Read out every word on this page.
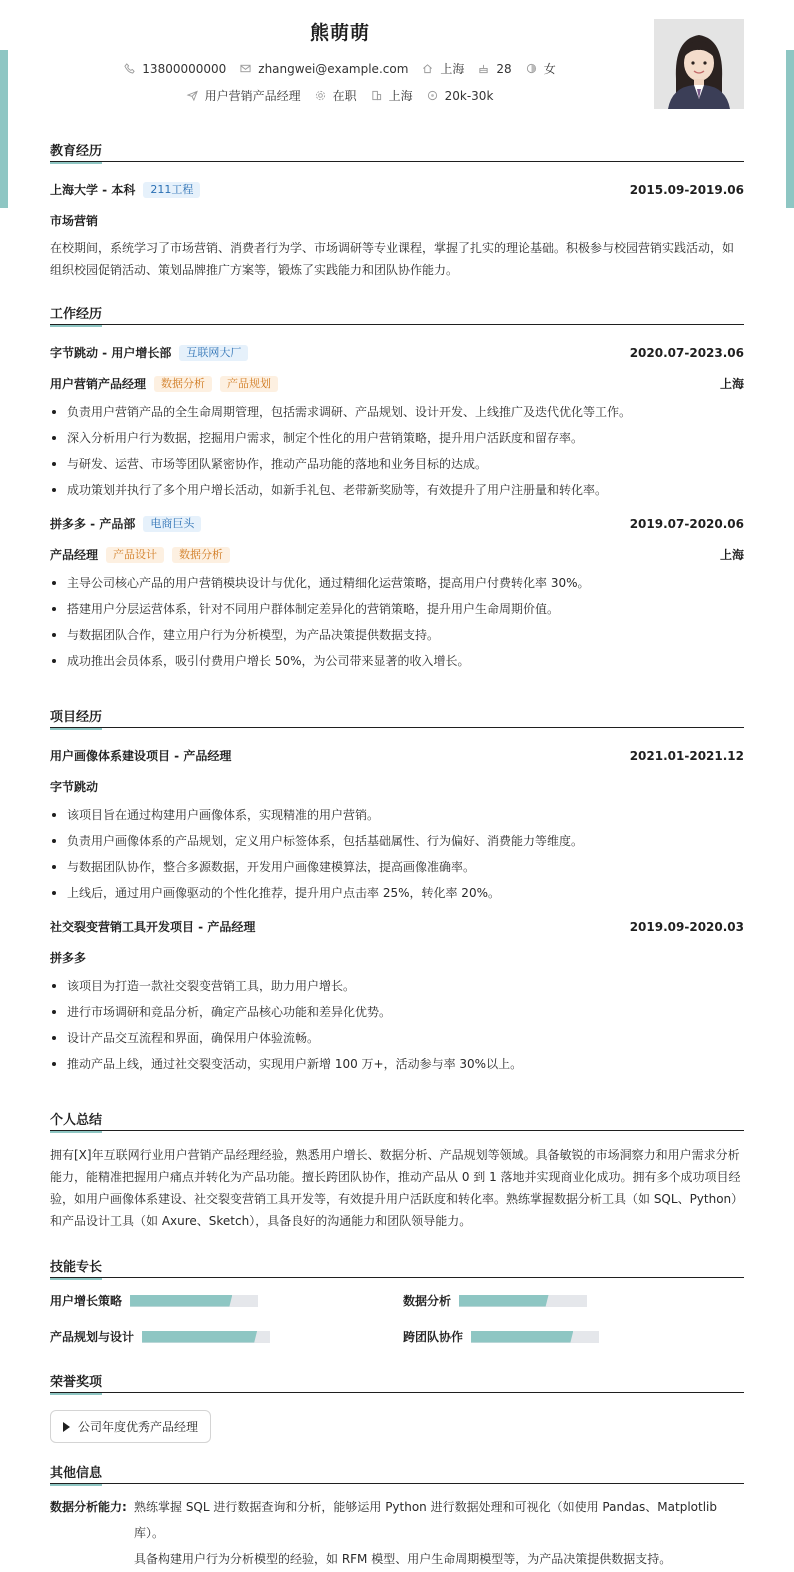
熊萌萌
13800000000	zhangwei@example.com	上海	28	女
用户营销产品经理	在职	上海	20k-30k
教育经历
上海大学 - 本科	211工程	2015.09-2019.06
市场营销
在校期间，系统学习了市场营销、消费者行为学、市场调研等专业课程，掌握了扎实的理论基础。积极参与校园营销实践活动，如组织校园促销活动、策划品牌推广方案等，锻炼了实践能力和团队协作能力。
工作经历
字节跳动 - 用户增长部	互联网大厂	2020.07-2023.06
用户营销产品经理	数据分析	产品规划	上海
负责用户营销产品的全生命周期管理，包括需求调研、产品规划、设计开发、上线推广及迭代优化等工作。
深入分析用户行为数据，挖掘用户需求，制定个性化的用户营销策略，提升用户活跃度和留存率。
与研发、运营、市场等团队紧密协作，推动产品功能的落地和业务目标的达成。
成功策划并执行了多个用户增长活动，如新手礼包、老带新奖励等，有效提升了用户注册量和转化率。
拼多多 - 产品部	电商巨头	2019.07-2020.06
产品经理	产品设计	数据分析	上海
主导公司核心产品的用户营销模块设计与优化，通过精细化运营策略，提高用户付费转化率 30%。
搭建用户分层运营体系，针对不同用户群体制定差异化的营销策略，提升用户生命周期价值。
与数据团队合作，建立用户行为分析模型，为产品决策提供数据支持。
成功推出会员体系，吸引付费用户增长 50%，为公司带来显著的收入增长。
项目经历
用户画像体系建设项目 - 产品经理	2021.01-2021.12
字节跳动
该项目旨在通过构建用户画像体系，实现精准的用户营销。
负责用户画像体系的产品规划，定义用户标签体系，包括基础属性、行为偏好、消费能力等维度。
与数据团队协作，整合多源数据，开发用户画像建模算法，提高画像准确率。
上线后，通过用户画像驱动的个性化推荐，提升用户点击率 25%，转化率 20%。
社交裂变营销工具开发项目 - 产品经理	2019.09-2020.03
拼多多
该项目为打造一款社交裂变营销工具，助力用户增长。
进行市场调研和竞品分析，确定产品核心功能和差异化优势。
设计产品交互流程和界面，确保用户体验流畅。
推动产品上线，通过社交裂变活动，实现用户新增 100 万+，活动参与率 30%以上。
个人总结
拥有[X]年互联网行业用户营销产品经理经验，熟悉用户增长、数据分析、产品规划等领域。具备敏锐的市场洞察力和用户需求分析能力，能精准把握用户痛点并转化为产品功能。擅长跨团队协作，推动产品从 0 到 1 落地并实现商业化成功。拥有多个成功项目经验，如用户画像体系建设、社交裂变营销工具开发等，有效提升用户活跃度和转化率。熟练掌握数据分析工具（如 SQL、Python）和产品设计工具（如 Axure、Sketch），具备良好的沟通能力和团队领导能力。
技能专长
用户增长策略	数据分析
产品规划与设计	跨团队协作
荣誉奖项
公司年度优秀产品经理
其他信息
数据分析能力: 熟练掌握 SQL 进行数据查询和分析，能够运用 Python 进行数据处理和可视化（如使用 Pandas、Matplotlib 库）。
具备构建用户行为分析模型的经验，如 RFM 模型、用户生命周期模型等，为产品决策提供数据支持。
